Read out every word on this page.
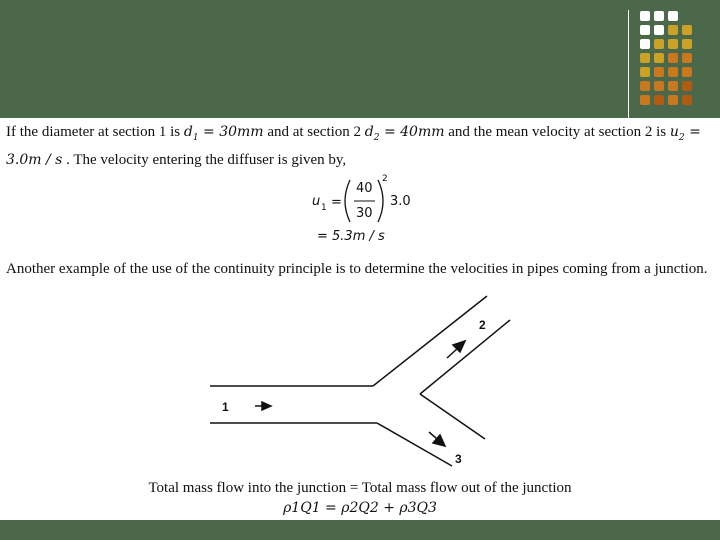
If the diameter at section 1 is $d_1 = 30mm$ and at section 2 $d_2 = 40mm$ and the mean velocity at section 2 is $u_2 = 3.0m / s$ . The velocity entering the diffuser is given by,

u 1 =
40
30
2
3.0
= 5.3m / s

Another example of the use of the continuity principle is to determine the velocities in pipes coming from a junction.

1
2
3
Total mass flow into the junction = Total mass flow out of the junction
ρ1Q1 = ρ2Q2 + ρ3Q3
